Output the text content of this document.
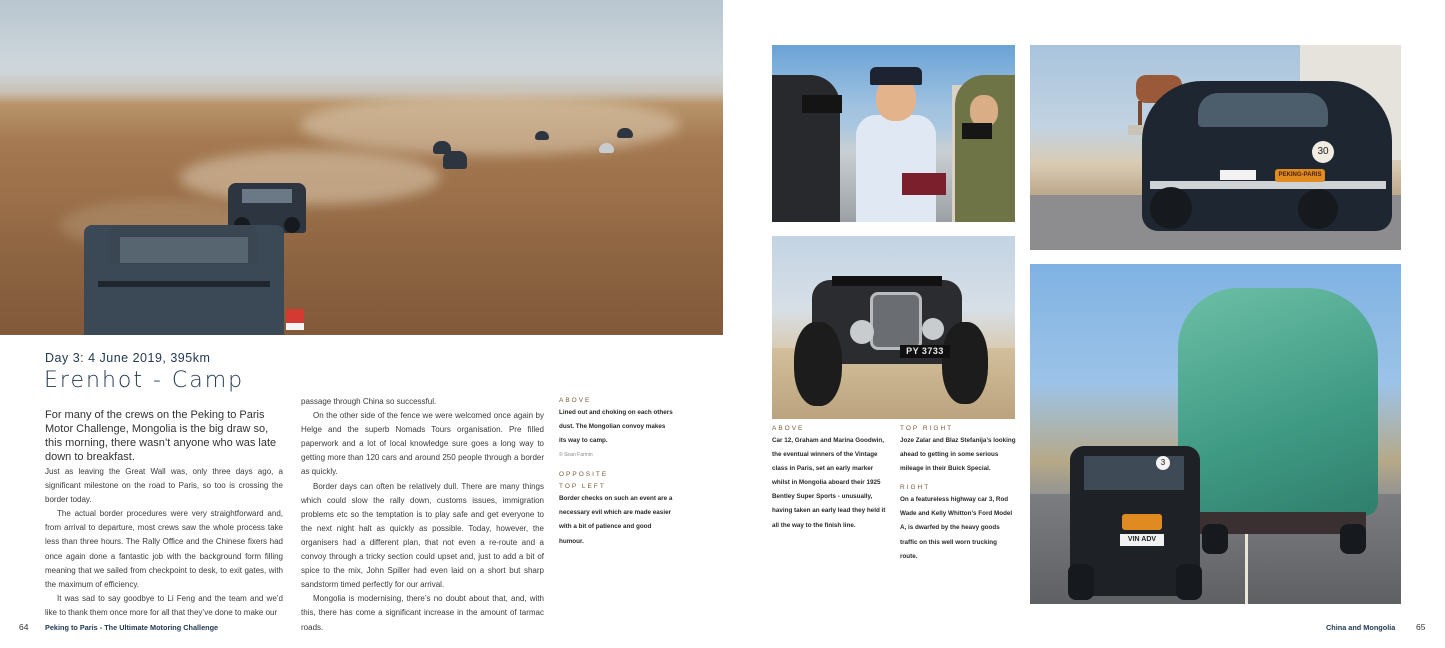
30
PEKING-PARIS
PY 3733
VIN ADV
3
Day 3: 4 June 2019, 395km
Erenhot - Camp
For many of the crews on the Peking to Paris Motor Challenge, Mongolia is the big draw so, this morning, there wasn’t anyone who was late down to breakfast.

Just as leaving the Great Wall was, only three days ago, a significant milestone on the road to Paris, so too is crossing the border today.

The actual border procedures were very straightforward and, from arrival to departure, most crews saw the whole process take less than three hours. The Rally Office and the Chinese fixers had once again done a fantastic job with the background form filling meaning that we sailed from checkpoint to desk, to exit gates, with the maximum of efficiency.

It was sad to say goodbye to Li Feng and the team and we’d like to thank them once more for all that they’ve done to make our

passage through China so successful.

On the other side of the fence we were welcomed once again by Helge and the superb Nomads Tours organisation. Pre filled paperwork and a lot of local knowledge sure goes a long way to getting more than 120 cars and around 250 people through a border as quickly.

Border days can often be relatively dull. There are many things which could slow the rally down, customs issues, immigration problems etc so the temptation is to play safe and get everyone to the next night halt as quickly as possible. Today, however, the organisers had a different plan, that not even a re-route and a convoy through a tricky section could upset and, just to add a bit of spice to the mix, John Spiller had even laid on a short but sharp sandstorm timed perfectly for our arrival.

Mongolia is modernising, there’s no doubt about that, and, with this, there has come a significant increase in the amount of tarmac roads.

ABOVE
Lined out and choking on each others dust. The Mongolian convoy makes its way to camp.
© Sean Farmin
OPPOSITE
TOP LEFT
Border checks on such an event are a necessary evil which are made easier with a bit of patience and good humour.
ABOVE
Car 12, Graham and Marina Goodwin, the eventual winners of the Vintage class in Paris, set an early marker whilst in Mongolia aboard their 1925 Bentley Super Sports - unusually, having taken an early lead they held it all the way to the finish line.
TOP RIGHT
Joze Zalar and Blaz Stefanija’s looking ahead to getting in some serious mileage in their Buick Special.
RIGHT
On a featureless highway car 3, Rod Wade and Kelly Whitton’s Ford Model A, is dwarfed by the heavy goods traffic on this well worn trucking route.
64 Peking to Paris - The Ultimate Motoring Challenge	China and Mongolia 65
